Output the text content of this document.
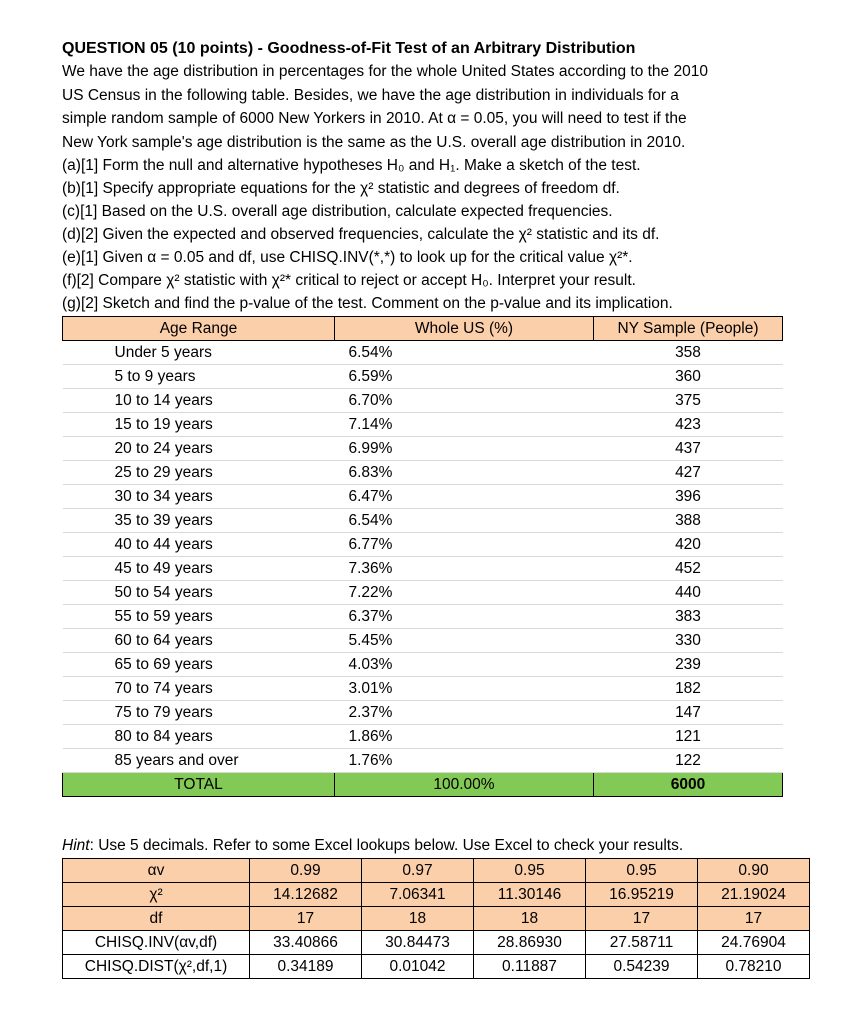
QUESTION 05 (10 points) - Goodness-of-Fit Test of an Arbitrary Distribution
We have the age distribution in percentages for the whole United States according to the 2010
US Census in the following table. Besides, we have the age distribution in individuals for a
simple random sample of 6000 New Yorkers in 2010. At α = 0.05, you will need to test if the
New York sample's age distribution is the same as the U.S. overall age distribution in 2010.
(a)[1] Form the null and alternative hypotheses H₀ and H₁. Make a sketch of the test.
(b)[1] Specify appropriate equations for the χ² statistic and degrees of freedom df.
(c)[1] Based on the U.S. overall age distribution, calculate expected frequencies.
(d)[2] Given the expected and observed frequencies, calculate the χ² statistic and its df.
(e)[1] Given α = 0.05 and df, use CHISQ.INV(*,*) to look up for the critical value χ²*.
(f)[2] Compare χ² statistic with χ²* critical to reject or accept H₀. Interpret your result.
(g)[2] Sketch and find the p-value of the test. Comment on the p-value and its implication.
Age Range	Whole US (%)	NY Sample (People)
Under 5 years	6.54%	358
5 to 9 years	6.59%	360
10 to 14 years	6.70%	375
15 to 19 years	7.14%	423
20 to 24 years	6.99%	437
25 to 29 years	6.83%	427
30 to 34 years	6.47%	396
35 to 39 years	6.54%	388
40 to 44 years	6.77%	420
45 to 49 years	7.36%	452
50 to 54 years	7.22%	440
55 to 59 years	6.37%	383
60 to 64 years	5.45%	330
65 to 69 years	4.03%	239
70 to 74 years	3.01%	182
75 to 79 years	2.37%	147
80 to 84 years	1.86%	121
85 years and over	1.76%	122
TOTAL	100.00%	6000
Hint: Use 5 decimals. Refer to some Excel lookups below. Use Excel to check your results.
αv	0.99	0.97	0.95	0.95	0.90
χ²	14.12682	7.06341	11.30146	16.95219	21.19024
df	17	18	18	17	17
CHISQ.INV(αv,df)	33.40866	30.84473	28.86930	27.58711	24.76904
CHISQ.DIST(χ²,df,1)	0.34189	0.01042	0.11887	0.54239	0.78210
